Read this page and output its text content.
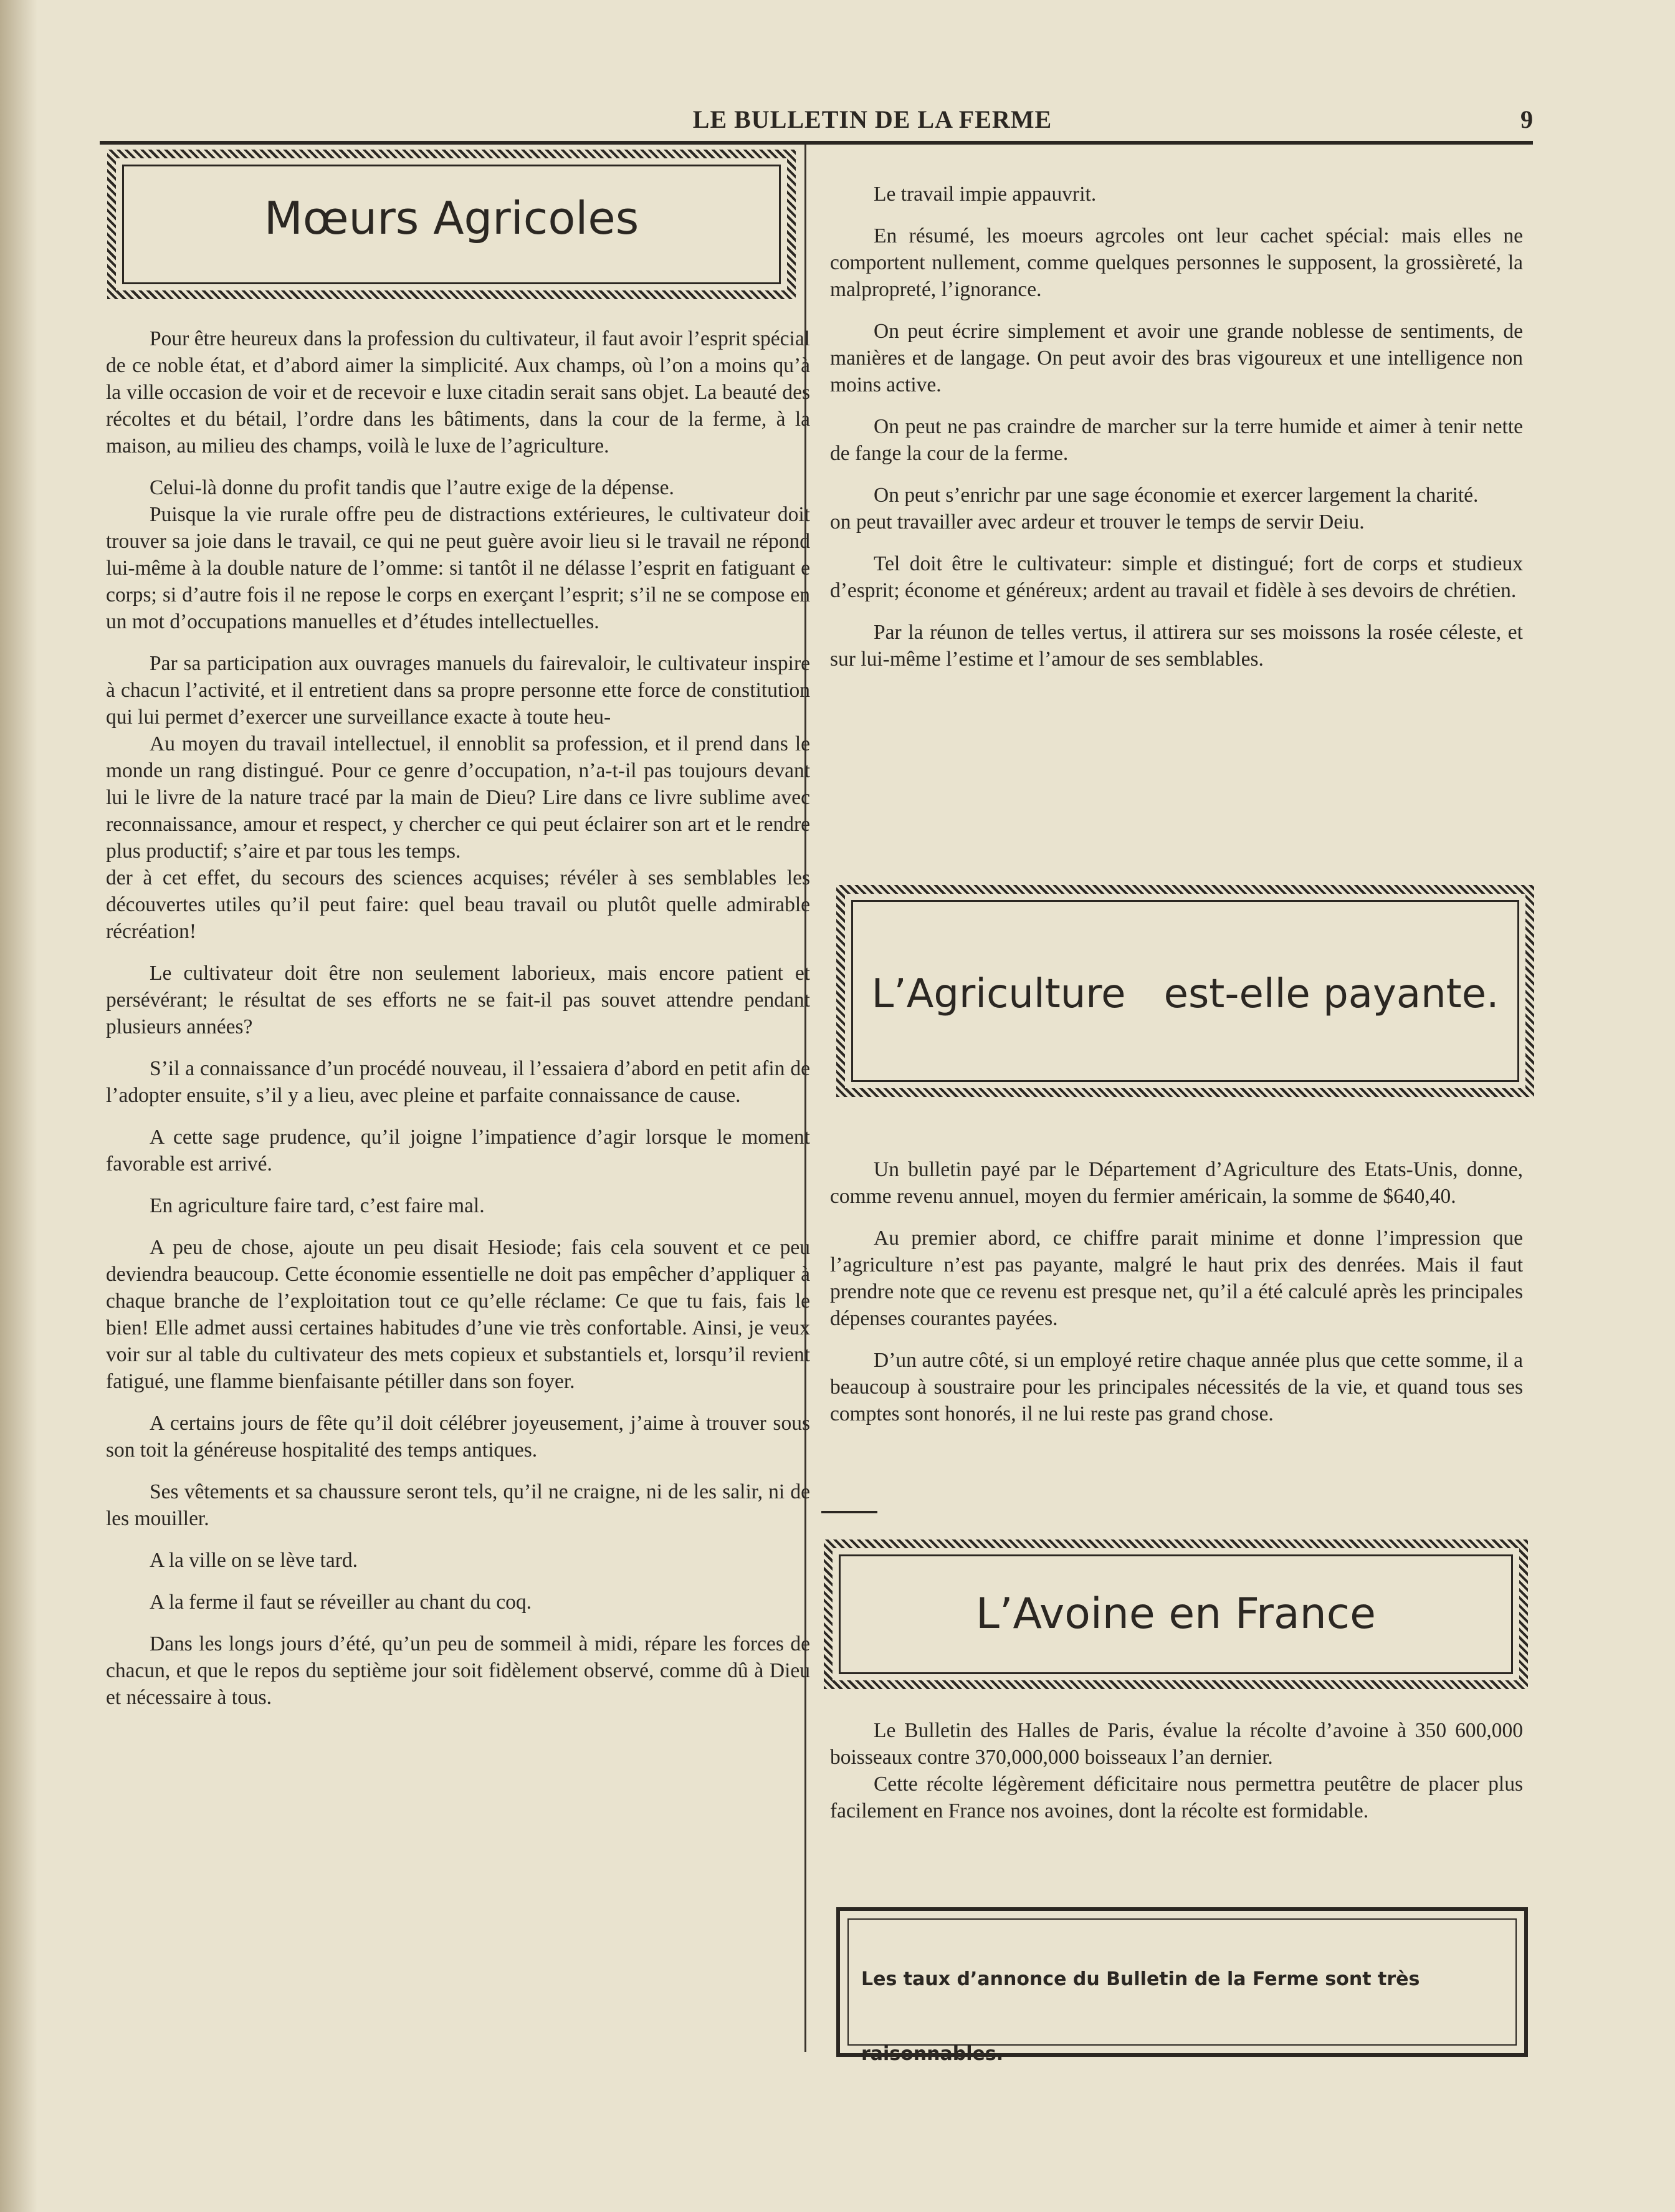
LE BULLETIN DE LA FERME	9
Mœurs Agricoles

Pour être heureux dans la profession du cultivateur, il faut avoir l’esprit spécial de ce noble état, et d’abord aimer la simplicité. Aux champs, où l’on a moins qu’à la ville occasion de voir et de recevoir e luxe citadin serait sans objet. La beauté des récoltes et du bétail, l’ordre dans les bâtiments, dans la cour de la ferme, à la maison, au milieu des champs, voilà le luxe de l’agriculture.

Celui-là donne du profit tandis que l’autre exige de la dépense.

Puisque la vie rurale offre peu de distractions extérieures, le cultivateur doit trouver sa joie dans le travail, ce qui ne peut guère avoir lieu si le travail ne répond lui-même à la double nature de l’omme: si tantôt il ne délasse l’esprit en fatiguant e corps; si d’autre fois il ne repose le corps en exerçant l’esprit; s’il ne se compose en un mot d’occupations manuelles et d’études intellectuelles.

Par sa participation aux ouvrages manuels du fairevaloir, le cultivateur inspire à chacun l’activité, et il entretient dans sa propre personne ette force de constitution qui lui permet d’exercer une surveillance exacte à toute heu-

Au moyen du travail intellectuel, il ennoblit sa profession, et il prend dans le monde un rang distingué. Pour ce genre d’occupation, n’a-t-il pas toujours devant lui le livre de la nature tracé par la main de Dieu? Lire dans ce livre sublime avec reconnaissance, amour et respect, y chercher ce qui peut éclairer son art et le rendre plus productif; s’aire et par tous les temps.

der à cet effet, du secours des sciences acquises; révéler à ses semblables les découvertes utiles qu’il peut faire: quel beau travail ou plutôt quelle admirable récréation!

Le cultivateur doit être non seulement laborieux, mais encore patient et persévérant; le résultat de ses efforts ne se fait-il pas souvet attendre pendant plusieurs années?

S’il a connaissance d’un procédé nouveau, il l’essaiera d’abord en petit afin de l’adopter ensuite, s’il y a lieu, avec pleine et parfaite connaissance de cause.

A cette sage prudence, qu’il joigne l’impatience d’agir lorsque le moment favorable est arrivé.

En agriculture faire tard, c’est faire mal.

A peu de chose, ajoute un peu disait Hesiode; fais cela souvent et ce peu deviendra beaucoup. Cette économie essentielle ne doit pas empêcher d’appliquer à chaque branche de l’exploitation tout ce qu’elle réclame: Ce que tu fais, fais le bien! Elle admet aussi certaines habitudes d’une vie très confortable. Ainsi, je veux voir sur al table du cultivateur des mets copieux et substantiels et, lorsqu’il revient fatigué, une flamme bienfaisante pétiller dans son foyer.

A certains jours de fête qu’il doit célébrer joyeusement, j’aime à trouver sous son toit la généreuse hospitalité des temps antiques.

Ses vêtements et sa chaussure seront tels, qu’il ne craigne, ni de les salir, ni de les mouiller.

A la ville on se lève tard.

A la ferme il faut se réveiller au chant du coq.

Dans les longs jours d’été, qu’un peu de sommeil à midi, répare les forces de chacun, et que le repos du septième jour soit fidèlement observé, comme dû à Dieu et nécessaire à tous.

Le travail impie appauvrit.

En résumé, les moeurs agrcoles ont leur cachet spécial: mais elles ne comportent nullement, comme quelques personnes le supposent, la grossièreté, la malpropreté, l’ignorance.

On peut écrire simplement et avoir une grande noblesse de sentiments, de manières et de langage. On peut avoir des bras vigoureux et une intelligence non moins active.

On peut ne pas craindre de marcher sur la terre humide et aimer à tenir nette de fange la cour de la ferme.

On peut s’enrichr par une sage économie et exercer largement la charité.

on peut travailler avec ardeur et trouver le temps de servir Deiu.

Tel doit être le cultivateur: simple et distingué; fort de corps et studieux d’esprit; économe et généreux; ardent au travail et fidèle à ses devoirs de chrétien.

Par la réunon de telles vertus, il attirera sur ses moissons la rosée céleste, et sur lui-même l’estime et l’amour de ses semblables.

L’Agriculture   est-elle payante.

Un bulletin payé par le Département d’Agriculture des Etats-Unis, donne, comme revenu annuel, moyen du fermier américain, la somme de $640,40.

Au premier abord, ce chiffre parait minime et donne l’impression que l’agriculture n’est pas payante, malgré le haut prix des denrées. Mais il faut prendre note que ce revenu est presque net, qu’il a été calculé après les principales dépenses courantes payées.

D’un autre côté, si un employé retire chaque année plus que cette somme, il a beaucoup à soustraire pour les principales nécessités de la vie, et quand tous ses comptes sont honorés, il ne lui reste pas grand chose.

L’Avoine en France

Le Bulletin des Halles de Paris, évalue la récolte d’avoine à 350 600,000 boisseaux contre 370,000,000 boisseaux l’an dernier.

Cette récolte légèrement déficitaire nous permettra peutêtre de placer plus facilement en France nos avoines, dont la récolte est formidable.

Les taux d’annonce du Bulletin de la Ferme sont très raisonnables.
